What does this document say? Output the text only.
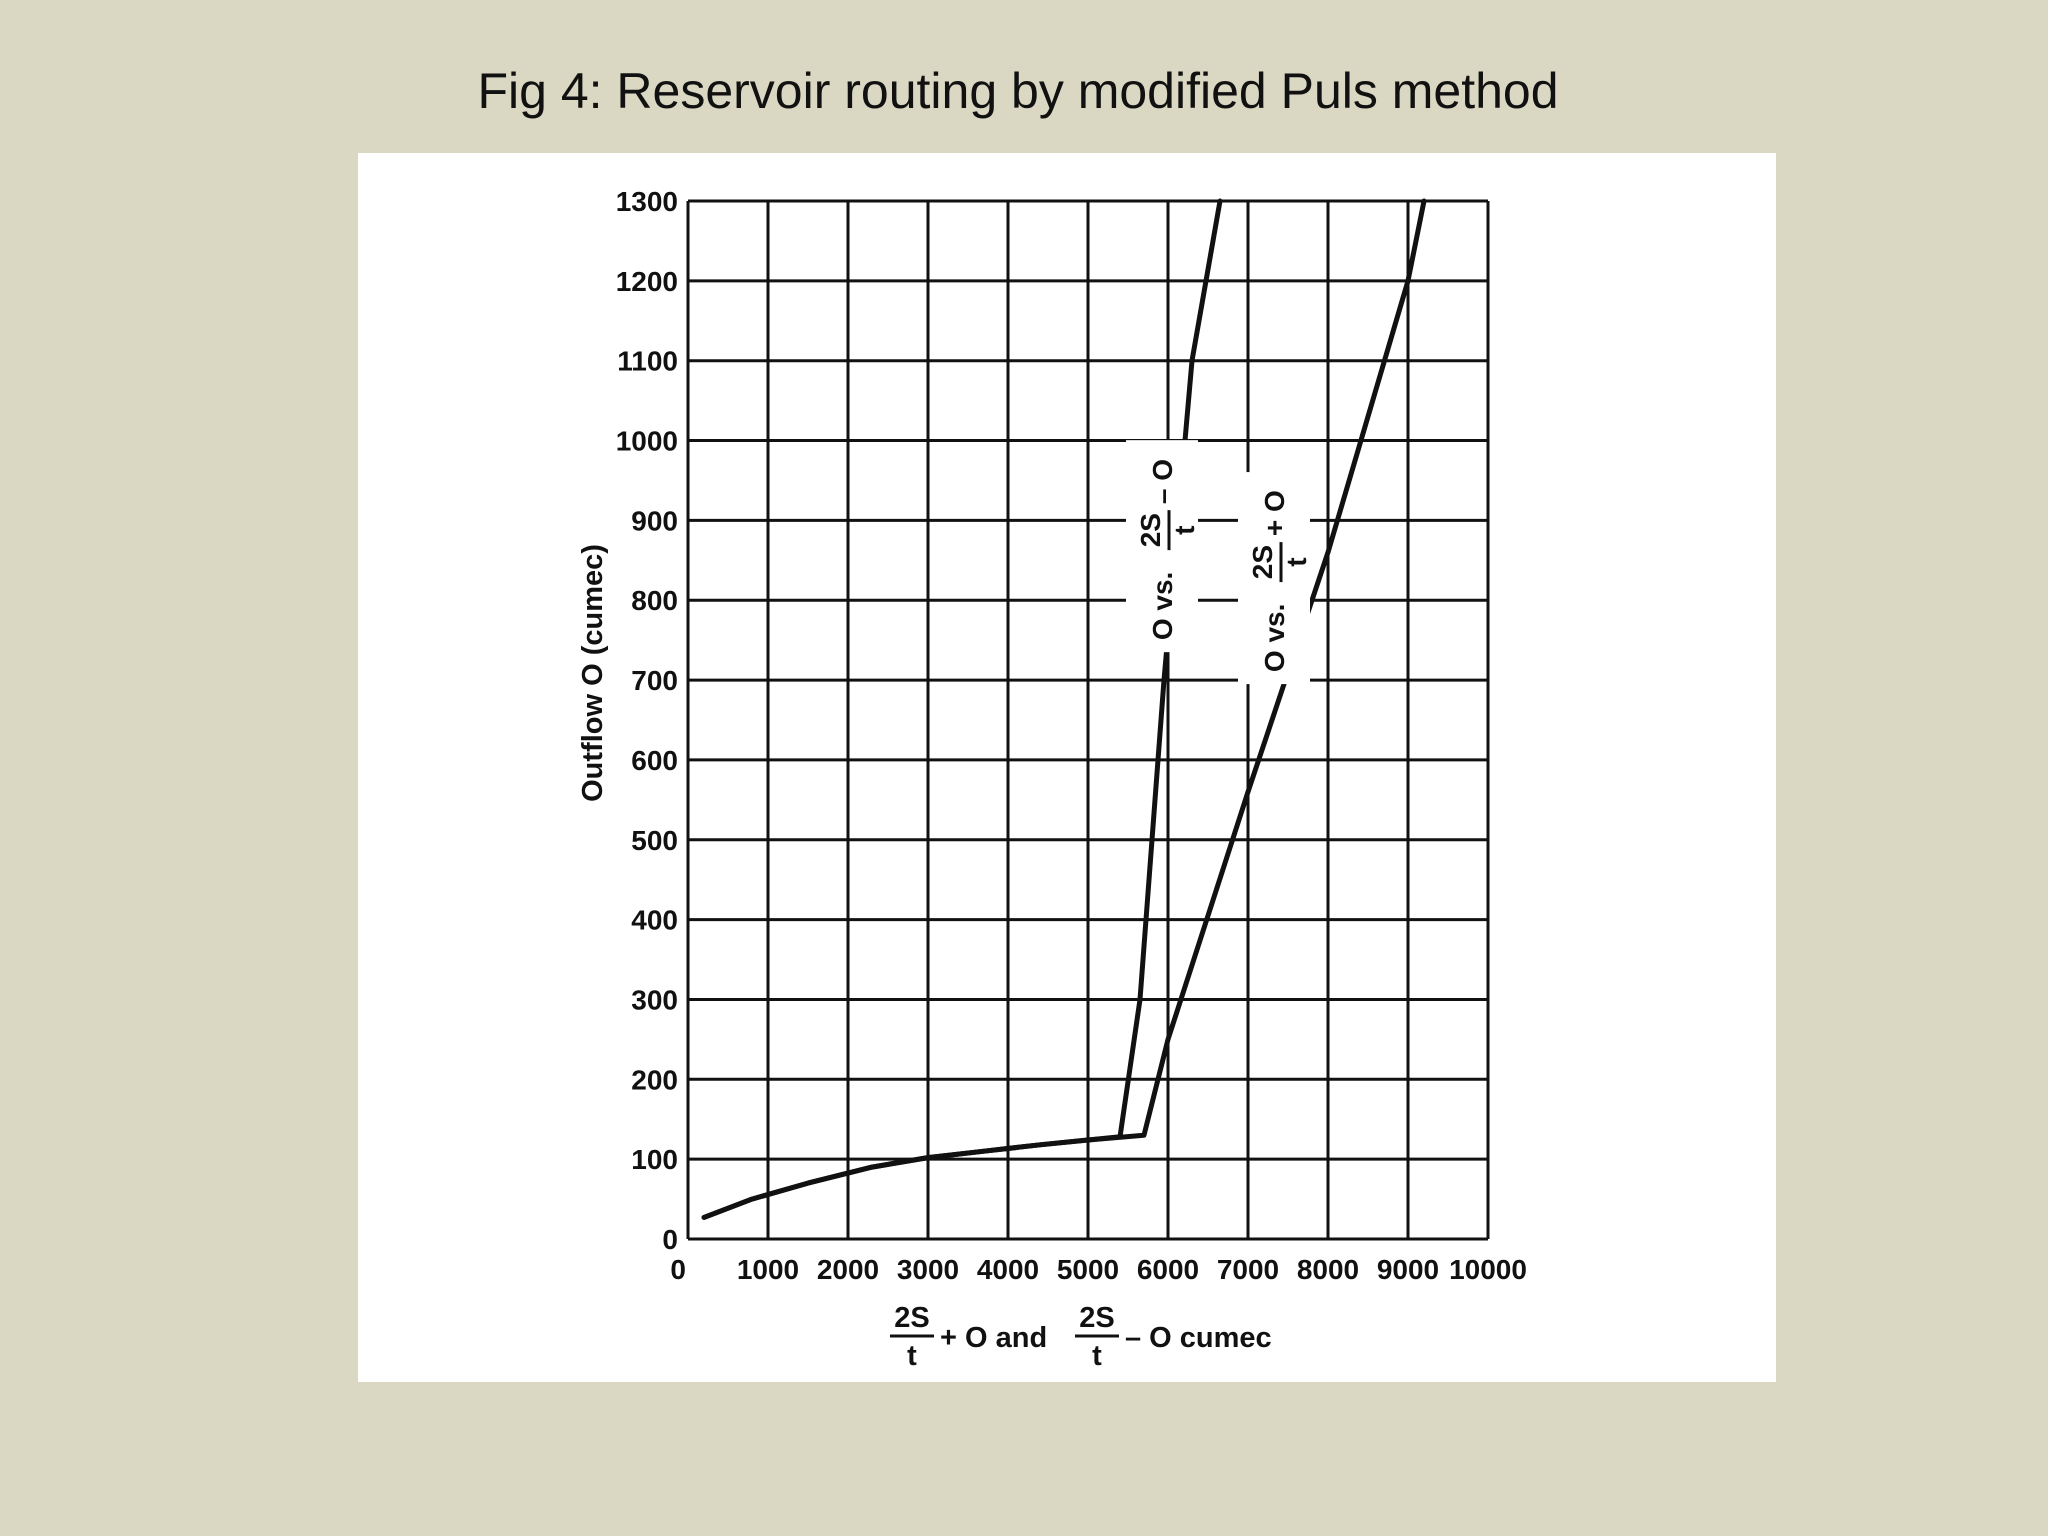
Fig 4: Reservoir routing by modified Puls method
0 1000 2000 3000 4000 5000 6000 7000 8000 9000 10000
0
100
200
300
400
500
600
700
800
900
1000
1100
1200
1300
O vs.
2S t
– O
O vs.
2S t
+ O
Outflow O (cumec)
2S
t
+ O and
2S
t
– O cumec
